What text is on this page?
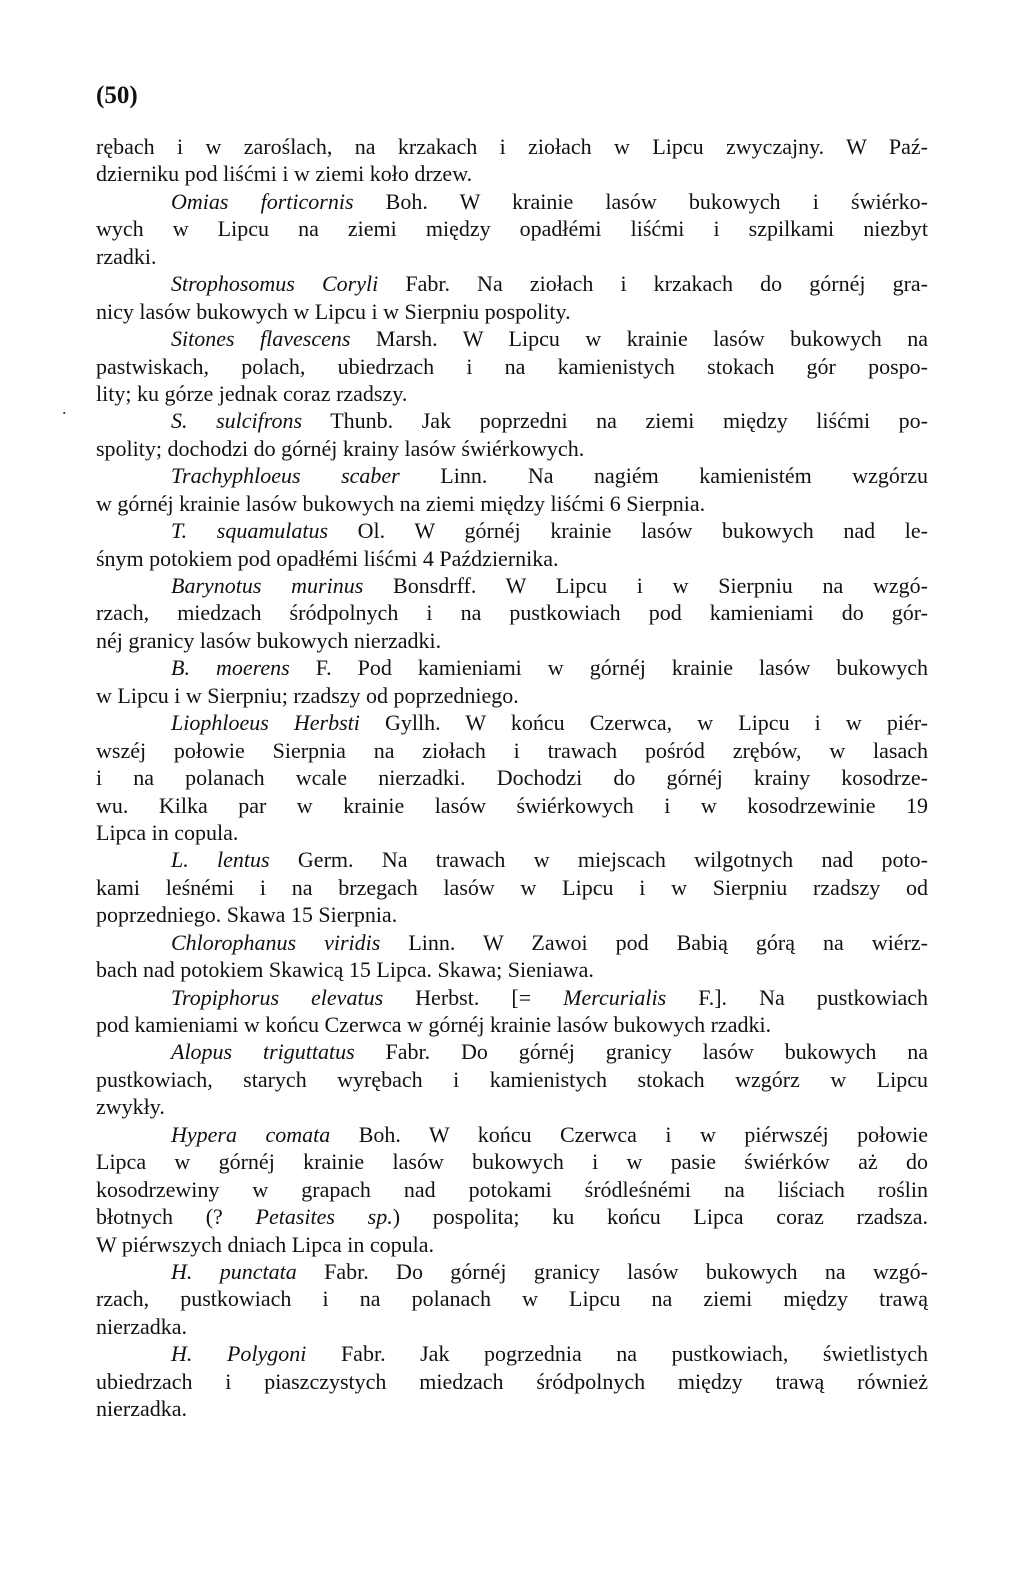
(50)
.
rębach i w zaroślach, na krzakach i ziołach w Lipcu zwyczajny. W Paź-
dzierniku pod liśćmi i w ziemi koło drzew.
Omias forticornis Boh. W krainie lasów bukowych i świérko-
wych w Lipcu na ziemi między opadłémi liśćmi i szpilkami niezbyt
rzadki.
Strophosomus Coryli Fabr. Na ziołach i krzakach do górnéj gra-
nicy lasów bukowych w Lipcu i w Sierpniu pospolity.
Sitones flavescens Marsh. W Lipcu w krainie lasów bukowych na
pastwiskach, polach, ubiedrzach i na kamienistych stokach gór pospo-
lity; ku górze jednak coraz rzadszy.
S. sulcifrons Thunb. Jak poprzedni na ziemi między liśćmi po-
spolity; dochodzi do górnéj krainy lasów świérkowych.
Trachyphloeus scaber Linn. Na nagiém kamienistém wzgórzu
w górnéj krainie lasów bukowych na ziemi między liśćmi 6 Sierpnia.
T. squamulatus Ol. W górnéj krainie lasów bukowych nad le-
śnym potokiem pod opadłémi liśćmi 4 Października.
Barynotus murinus Bonsdrff. W Lipcu i w Sierpniu na wzgó-
rzach, miedzach śródpolnych i na pustkowiach pod kamieniami do gór-
néj granicy lasów bukowych nierzadki.
B. moerens F. Pod kamieniami w górnéj krainie lasów bukowych
w Lipcu i w Sierpniu; rzadszy od poprzedniego.
Liophloeus Herbsti Gyllh. W końcu Czerwca, w Lipcu i w piér-
wszéj połowie Sierpnia na ziołach i trawach pośród zrębów, w lasach
i na polanach wcale nierzadki. Dochodzi do górnéj krainy kosodrze-
wu. Kilka par w krainie lasów świérkowych i w kosodrzewinie 19
Lipca in copula.
L. lentus Germ. Na trawach w miejscach wilgotnych nad poto-
kami leśnémi i na brzegach lasów w Lipcu i w Sierpniu rzadszy od
poprzedniego. Skawa 15 Sierpnia.
Chlorophanus viridis Linn. W Zawoi pod Babią górą na wiérz-
bach nad potokiem Skawicą 15 Lipca. Skawa; Sieniawa.
Tropiphorus elevatus Herbst. [= Mercurialis F.]. Na pustkowiach
pod kamieniami w końcu Czerwca w górnéj krainie lasów bukowych rzadki.
Alopus triguttatus Fabr. Do górnéj granicy lasów bukowych na
pustkowiach, starych wyrębach i kamienistych stokach wzgórz w Lipcu
zwykły.
Hypera comata Boh. W końcu Czerwca i w piérwszéj połowie
Lipca w górnéj krainie lasów bukowych i w pasie świérków aż do
kosodrzewiny w grapach nad potokami śródleśnémi na liściach roślin
błotnych (? Petasites sp.) pospolita; ku końcu Lipca coraz rzadsza.
W piérwszych dniach Lipca in copula.
H. punctata Fabr. Do górnéj granicy lasów bukowych na wzgó-
rzach, pustkowiach i na polanach w Lipcu na ziemi między trawą
nierzadka.
H. Polygoni Fabr. Jak pogrzednia na pustkowiach, świetlistych
ubiedrzach i piaszczystych miedzach śródpolnych między trawą również
nierzadka.
